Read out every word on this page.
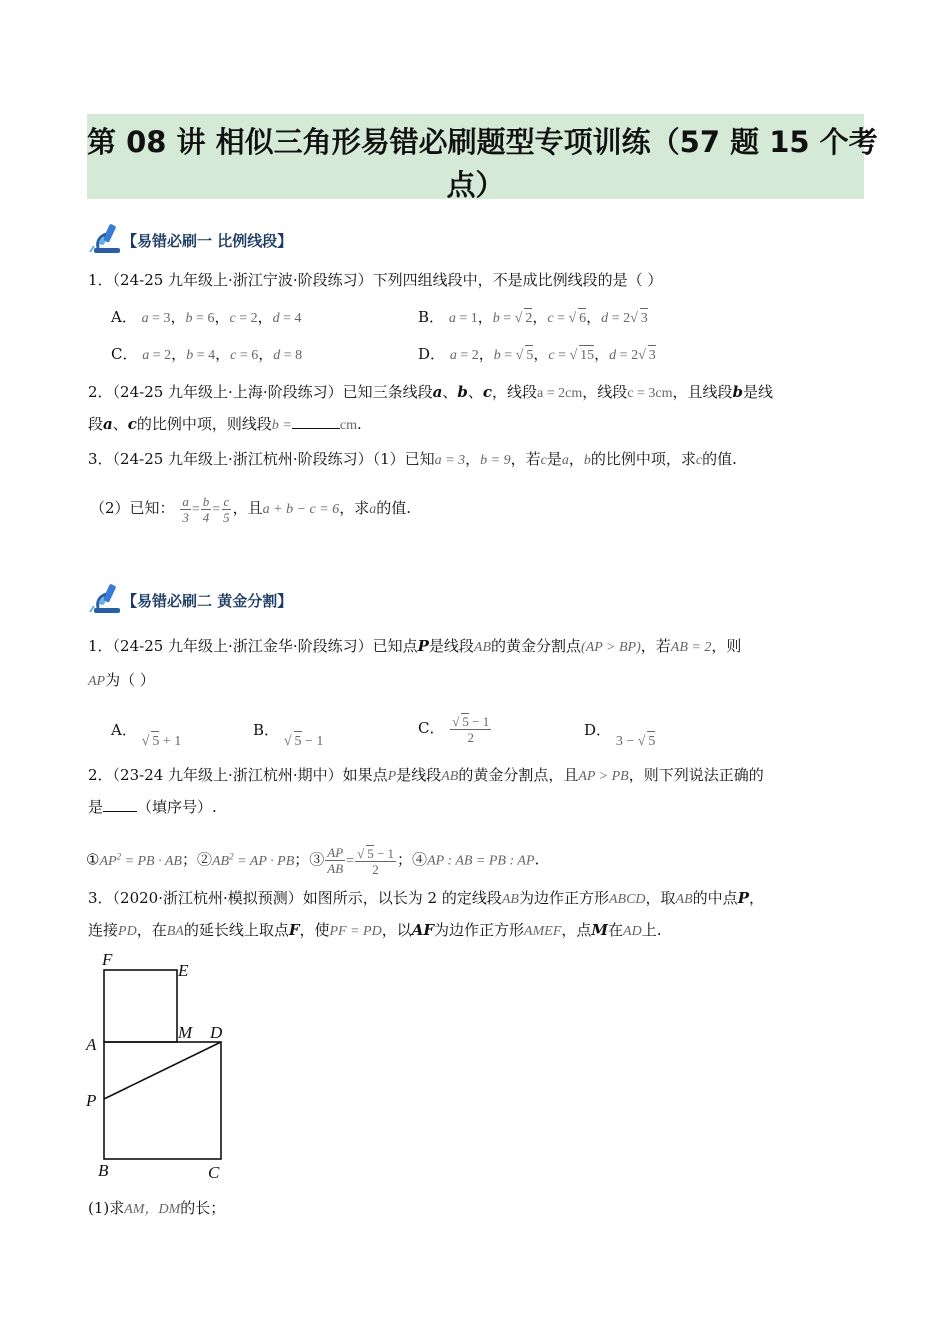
第 08 讲 相似三角形易错必刷题型专项训练（57 题 15 个考
点）
【易错必刷一 比例线段】
1．（24-25 九年级上·浙江宁波·阶段练习）下列四组线段中，不是成比例线段的是（ ）
A． a = 3，b = 6，c = 2，d = 4	B． a = 1，b = √ 2，c = √ 6，d = 2√ 3
C． a = 2，b = 4，c = 6，d = 8	D． a = 2，b = √ 5，c = √ 15，d = 2√ 3
2．（24-25 九年级上·上海·阶段练习）已知三条线段a、b、c，线段a = 2cm，线段c = 3cm，且线段b是线
段a、c的比例中项，则线段b =	cm.
3．（24-25 九年级上·浙江杭州·阶段练习）（1）已知a = 3，b = 9，若c是a，b的比例中项，求c的值.
（2）已知： $\frac{a}{3} = \frac{b}{4} = \frac{c}{5}$ ，且a + b − c = 6，求a的值.
【易错必刷二 黄金分割】
1．（24-25 九年级上·浙江金华·阶段练习）已知点P是线段AB的黄金分割点(AP > BP)，若AB = 2，则
AP为（ ）
A． √ 5 + 1
B． √ 5 − 1
C． $\frac{√ 5 - 1}{2}$	D． 3 − √ 5
2．（23-24 九年级上·浙江杭州·期中）如果点P是线段AB的黄金分割点，且AP > PB，则下列说法正确的
是 （填序号）.
$①AP^2$ = PB · AB；$②AB^2$ = AP · PB；③ $\frac{AP}{AB} = \frac{√ 5 - 1}{2}$ ；④AP : AB = PB : AP.
3．（2020·浙江杭州·模拟预测）如图所示，以长为 2 的定线段AB为边作正方形ABCD，取AB的中点P，
连接PD，在BA的延长线上取点F，使PF = PD，以AF为边作正方形AMEF，点M在AD上.
F
E
M D
A
P
B	C
(1)求AM，DM的长；
